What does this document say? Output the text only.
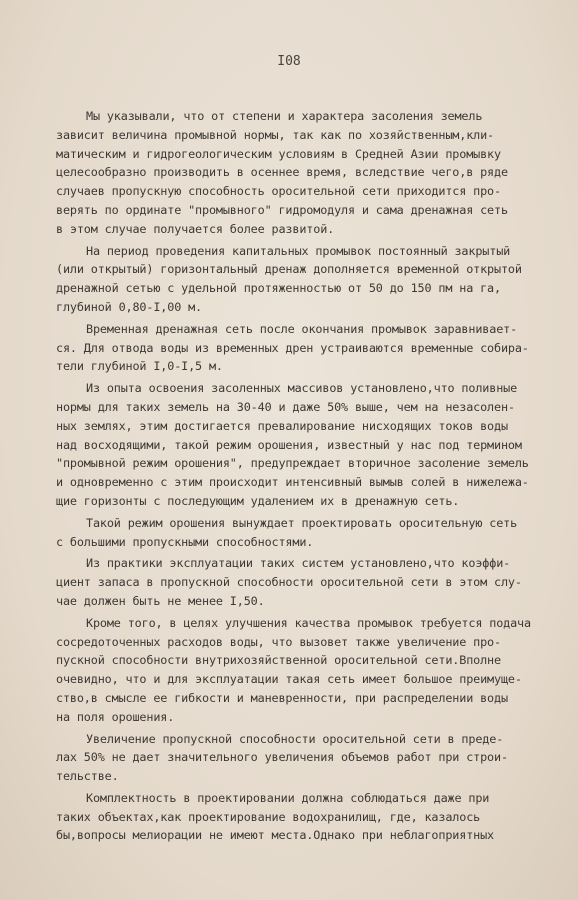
I08
Мы указывали, что от степени и характера засоления земель
зависит величина промывной нормы, так как по хозяйственным,кли-
матическим и гидрогеологическим условиям в Средней Азии промывку
целесообразно производить в осеннее время, вследствие чего,в ряде
случаев пропускную способность оросительной сети приходится про-
верять по ординате "промывного" гидромодуля и сама дренажная сеть
в этом случае получается более развитой.
На период проведения капитальных промывок постоянный закрытый
(или открытый) горизонтальный дренаж дополняется временной открытой
дренажной сетью с удельной протяженностью от 50 до 150 пм на га,
глубиной 0,80-I,00 м.
Временная дренажная сеть после окончания промывок заравнивает-
ся. Для отвода воды из временных дрен устраиваются временные собира-
тели глубиной I,0-I,5 м.
Из опыта освоения засоленных массивов установлено,что поливные
нормы для таких земель на 30-40 и даже 50% выше, чем на незасолен-
ных землях, этим достигается превалирование нисходящих токов воды
над восходящими, такой режим орошения, известный у нас под термином
"промывной режим орошения", предупреждает вторичное засоление земель
и одновременно с этим происходит интенсивный вымыв солей в нижележа-
щие горизонты с последующим удалением их в дренажную сеть.
Такой режим орошения вынуждает проектировать оросительную сеть
с большими пропускными способностями.
Из практики эксплуатации таких систем установлено,что коэффи-
циент запаса в пропускной способности оросительной сети в этом слу-
чае должен быть не менее I,50.
Кроме того, в целях улучшения качества промывок требуется подача
сосредоточенных расходов воды, что вызовет также увеличение про-
пускной способности внутрихозяйственной оросительной сети.Вполне
очевидно, что и для эксплуатации такая сеть имеет большое преимуще-
ство,в смысле ее гибкости и маневренности, при распределении воды
на поля орошения.
Увеличение пропускной способности оросительной сети в преде-
лах 50% не дает значительного увеличения объемов работ при строи-
тельстве.
Комплектность в проектировании должна соблюдаться даже при
таких объектах,как проектирование водохранилищ, где, казалось
бы,вопросы мелиорации не имеют места.Однако при неблагоприятных
